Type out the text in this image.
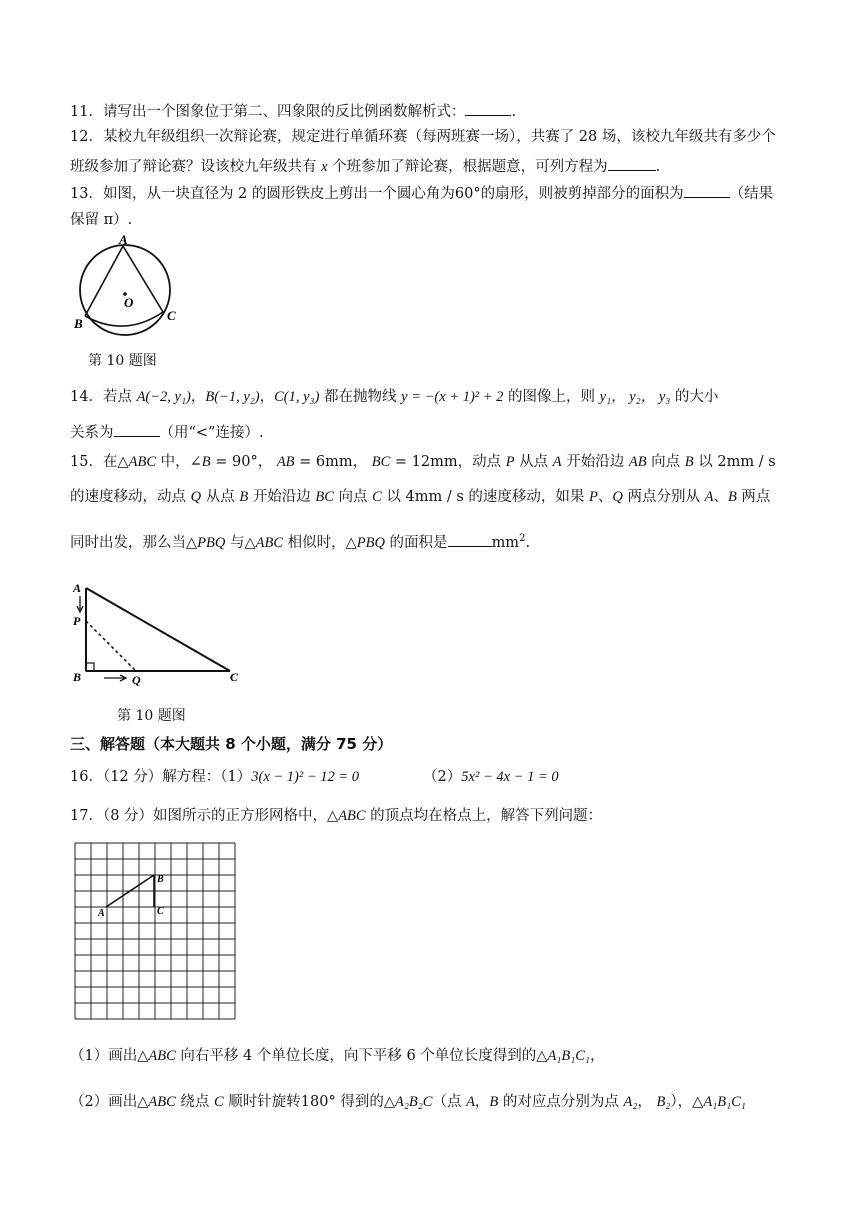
11．请写出一个图象位于第二、四象限的反比例函数解析式：	.
12．某校九年级组织一次辩论赛，规定进行单循环赛（每两班赛一场），共赛了 28 场，该校九年级共有多少个
班级参加了辩论赛？设该校九年级共有 x 个班参加了辩论赛，根据题意，可列方程为	.
13．如图，从一块直径为 2 的圆形铁皮上剪出一个圆心角为60°的扇形，则被剪掉部分的面积为	（结果
保留 π）.
A
B
C
O
第 10 题图
14．若点 A(−2, y₁)，B(−1, y₂)，C(1, y₃) 都在抛物线 y = −(x + 1)² + 2 的图像上，则 y₁， y₂， y₃ 的大小
关系为	（用“<”连接）.
15．在△ABC 中，∠B = 90°， AB = 6mm， BC = 12mm，动点 P 从点 A 开始沿边 AB 向点 B 以 2mm / s
的速度移动，动点 Q 从点 B 开始沿边 BC 向点 C 以 4mm / s 的速度移动，如果 P、Q 两点分别从 A、B 两点
同时出发，那么当△PBQ 与△ABC 相似时，△PBQ 的面积是	$mm^2$.
A
P
B	Q	C
第 10 题图
三、解答题（本大题共 8 个小题，满分 75 分）
16．（12 分）解方程：（1）3(x − 1)² − 12 = 0	（2）5x² − 4x − 1 = 0
17．（8 分）如图所示的正方形网格中，△ABC 的顶点均在格点上，解答下列问题：
A
B
C
（1）画出△ABC 向右平移 4 个单位长度，向下平移 6 个单位长度得到的△A₁B₁C₁，
（2）画出△ABC 绕点 C 顺时针旋转180° 得到的△A₂B₂C（点 A，B 的对应点分别为点 A₂， B₂），△A₁B₁C₁
